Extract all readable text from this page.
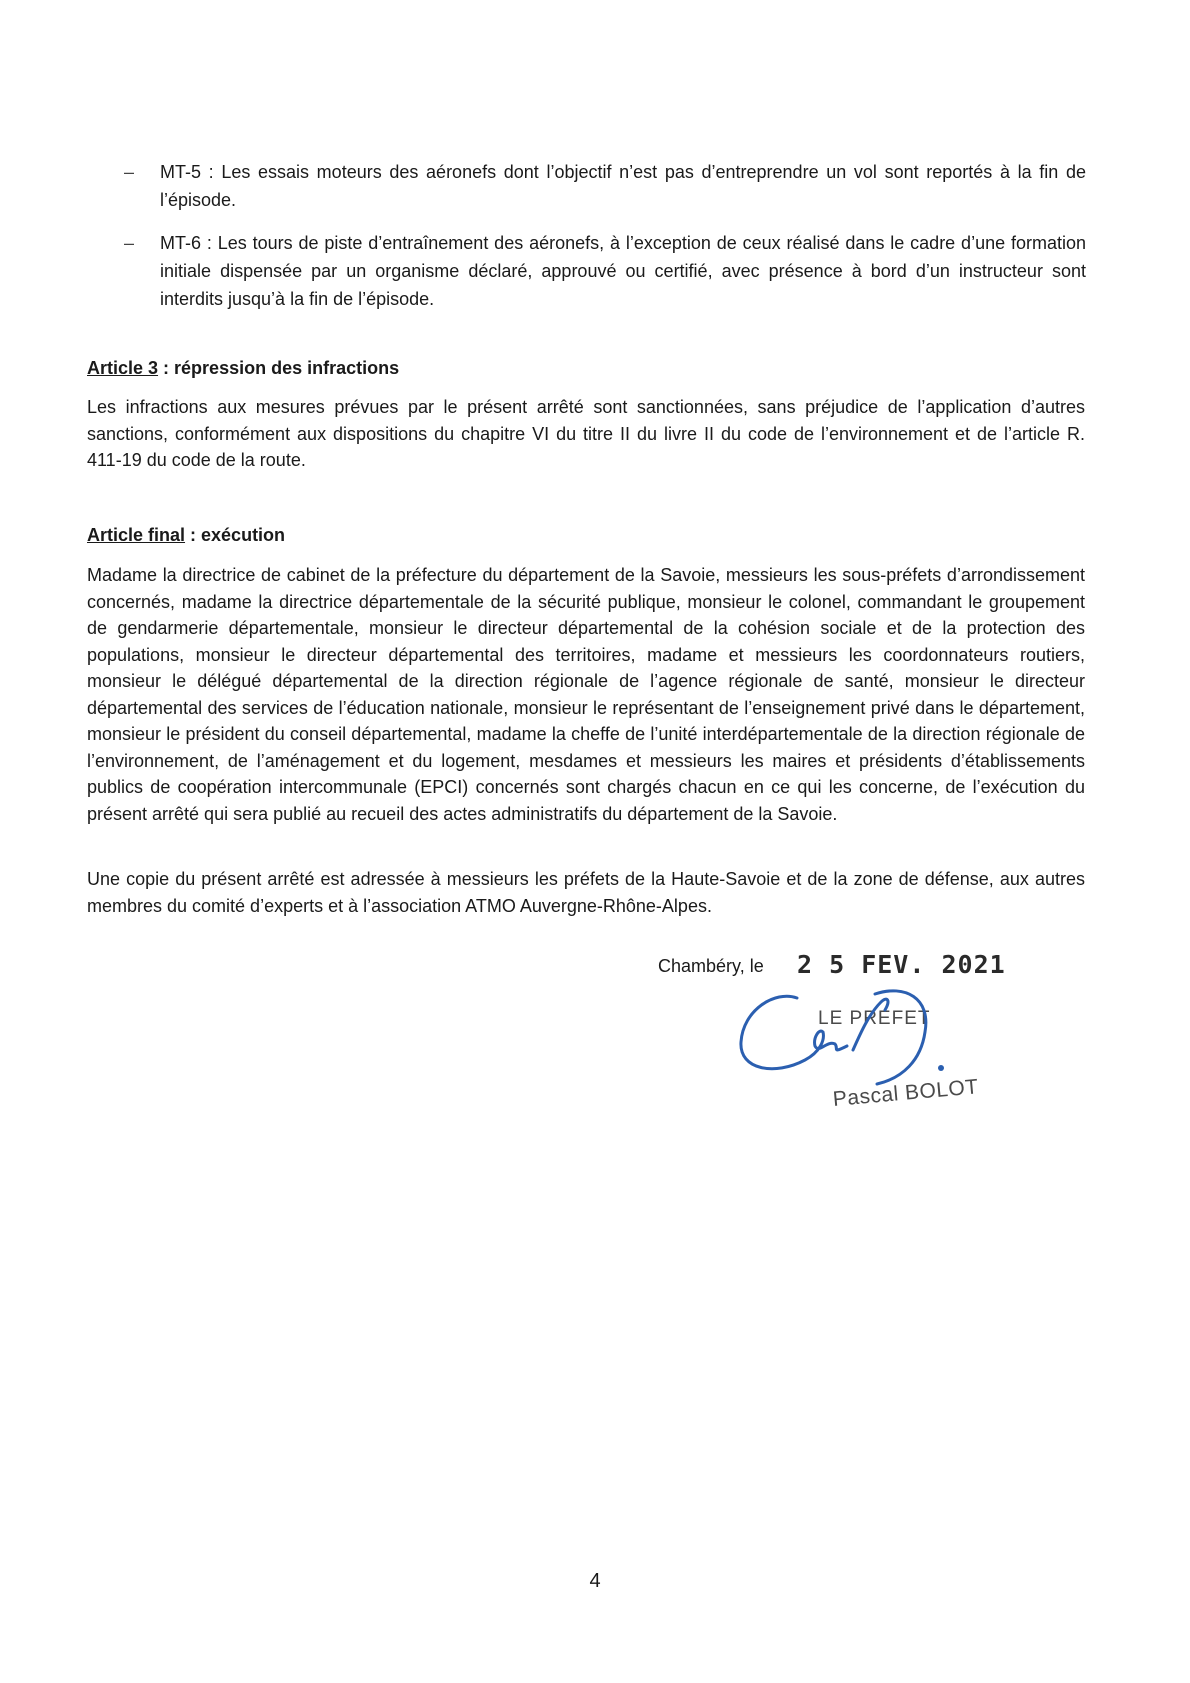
–	MT-5 : Les essais moteurs des aéronefs dont l’objectif n’est pas d’entreprendre un vol sont reportés à la fin de l’épisode.
–	MT-6 : Les tours de piste d’entraînement des aéronefs, à l’exception de ceux réalisé dans le cadre d’une formation initiale dispensée par un organisme déclaré, approuvé ou certifié, avec présence à bord d’un instructeur sont interdits jusqu’à la fin de l’épisode.
Article 3 : répression des infractions
Les infractions aux mesures prévues par le présent arrêté sont sanctionnées, sans préjudice de l’application d’autres sanctions, conformément aux dispositions du chapitre VI du titre II du livre II du code de l’environnement et de l’article R. 411-19 du code de la route.
Article final : exécution
Madame la directrice de cabinet de la préfecture du département de la Savoie, messieurs les sous-préfets d’arrondissement concernés, madame la directrice départementale de la sécurité publique, monsieur le colonel, commandant le groupement de gendarmerie départementale, monsieur le directeur départemental de la cohésion sociale et de la protection des populations, monsieur le directeur départemental des territoires, madame et messieurs les coordonnateurs routiers, monsieur le délégué départemental de la direction régionale de l’agence régionale de santé, monsieur le directeur départemental des services de l’éducation nationale, monsieur le représentant de l’enseignement privé dans le département, monsieur le président du conseil départemental, madame la cheffe de l’unité interdépartementale de la direction régionale de l’environnement, de l’aménagement et du logement, mesdames et messieurs les maires et présidents d’établissements publics de coopération intercommunale (EPCI) concernés sont chargés chacun en ce qui les concerne, de l’exécution du présent arrêté qui sera publié au recueil des actes administratifs du département de la Savoie.
Une copie du présent arrêté est adressée à messieurs les préfets de la Haute-Savoie et de la zone de défense, aux autres membres du comité d’experts et à l’association ATMO Auvergne-Rhône-Alpes.
Chambéry, le 2 5 FEV. 2021
LE PREFET
Pascal BOLOT
4
